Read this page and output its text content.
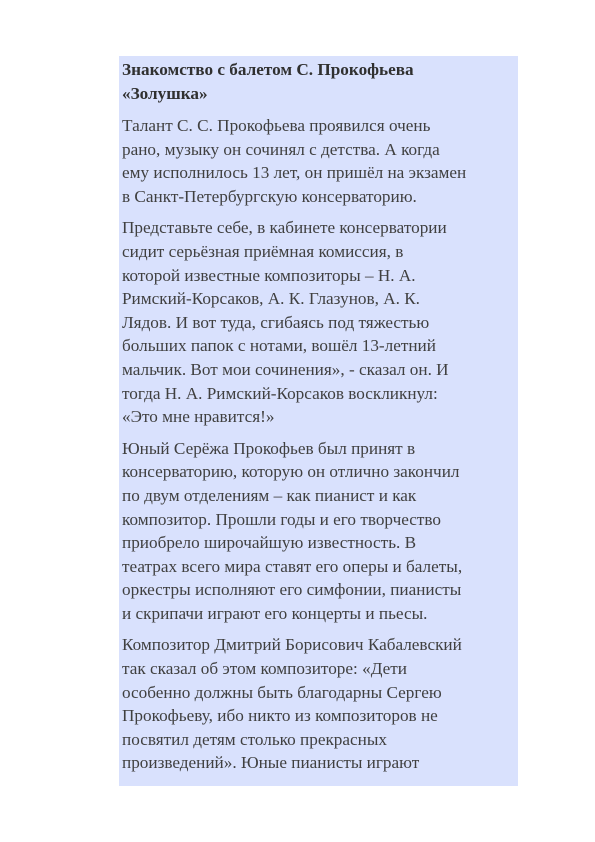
Знакомство с балетом С. Прокофьева
«Золушка»

Талант С. С. Прокофьева проявился очень
рано, музыку он сочинял с детства. А когда
ему исполнилось 13 лет, он пришёл на экзамен
в Санкт-Петербургскую консерваторию.

Представьте себе, в кабинете консерватории
сидит серьёзная приёмная комиссия, в
которой известные композиторы – Н. А.
Римский-Корсаков, А. К. Глазунов, А. К.
Лядов. И вот туда, сгибаясь под тяжестью
больших папок с нотами, вошёл 13-летний
мальчик. Вот мои сочинения», - сказал он. И
тогда Н. А. Римский-Корсаков воскликнул:
«Это мне нравится!»

Юный Серёжа Прокофьев был принят в
консерваторию, которую он отлично закончил
по двум отделениям – как пианист и как
композитор. Прошли годы и его творчество
приобрело широчайшую известность. В
театрах всего мира ставят его оперы и балеты,
оркестры исполняют его симфонии, пианисты
и скрипачи играют его концерты и пьесы.

Композитор Дмитрий Борисович Кабалевский
так сказал об этом композиторе: «Дети
особенно должны быть благодарны Сергею
Прокофьеву, ибо никто из композиторов не
посвятил детям столько прекрасных
произведений». Юные пианисты играют
